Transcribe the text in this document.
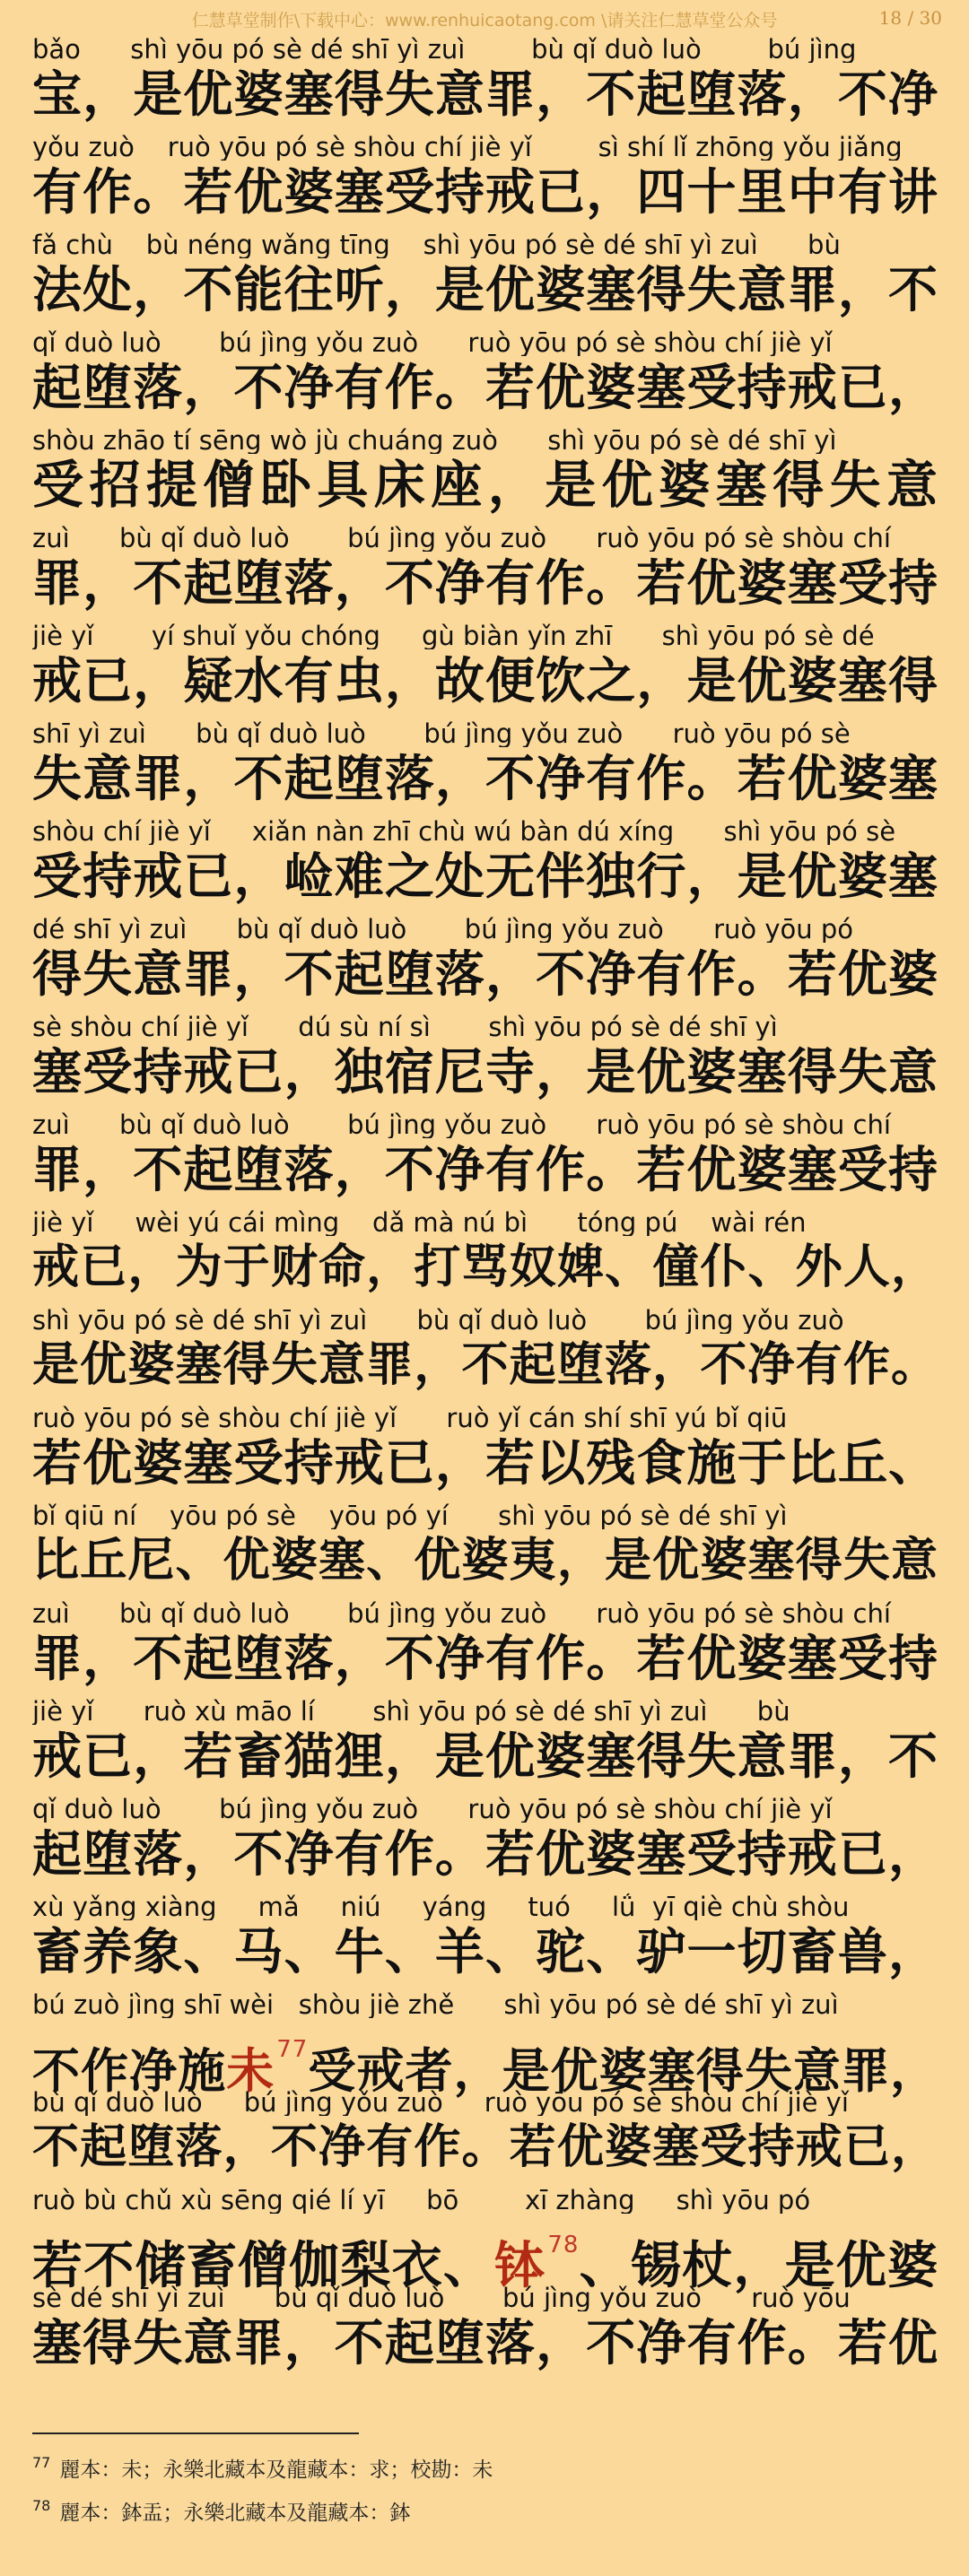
仁慧草堂制作\下载中心：www.renhuicaotang.com \请关注仁慧草堂公众号	18 / 30
bǎo      shì yōu pó sè dé shī yì zuì        bù qǐ duò luò        bú jìng
宝，是优婆塞得失意罪，不起堕落，不净
yǒu zuò    ruò yōu pó sè shòu chí jiè yǐ        sì shí lǐ zhōng yǒu jiǎng
有作。若优婆塞受持戒已，四十里中有讲
fǎ chù    bù néng wǎng tīng    shì yōu pó sè dé shī yì zuì      bù
法处，不能往听，是优婆塞得失意罪，不
qǐ duò luò       bú jìng yǒu zuò      ruò yōu pó sè shòu chí jiè yǐ
起堕落，不净有作。若优婆塞受持戒已，
shòu zhāo tí sēng wò jù chuáng zuò      shì yōu pó sè dé shī yì
受招提僧卧具床座，是优婆塞得失意
zuì      bù qǐ duò luò       bú jìng yǒu zuò      ruò yōu pó sè shòu chí
罪，不起堕落，不净有作。若优婆塞受持
jiè yǐ       yí shuǐ yǒu chóng     gù biàn yǐn zhī      shì yōu pó sè dé
戒已，疑水有虫，故便饮之，是优婆塞得
shī yì zuì      bù qǐ duò luò       bú jìng yǒu zuò      ruò yōu pó sè
失意罪，不起堕落，不净有作。若优婆塞
shòu chí jiè yǐ     xiǎn nàn zhī chù wú bàn dú xíng      shì yōu pó sè
受持戒已，崄难之处无伴独行，是优婆塞
dé shī yì zuì      bù qǐ duò luò       bú jìng yǒu zuò      ruò yōu pó
得失意罪，不起堕落，不净有作。若优婆
sè shòu chí jiè yǐ      dú sù ní sì       shì yōu pó sè dé shī yì
塞受持戒已，独宿尼寺，是优婆塞得失意
zuì      bù qǐ duò luò       bú jìng yǒu zuò      ruò yōu pó sè shòu chí
罪，不起堕落，不净有作。若优婆塞受持
jiè yǐ     wèi yú cái mìng    dǎ mà nú bì      tóng pú    wài rén
戒已，为于财命，打骂奴婢、僮仆、外人，
shì yōu pó sè dé shī yì zuì      bù qǐ duò luò       bú jìng yǒu zuò
是优婆塞得失意罪，不起堕落，不净有作。
ruò yōu pó sè shòu chí jiè yǐ      ruò yǐ cán shí shī yú bǐ qiū
若优婆塞受持戒已，若以残食施于比丘、
bǐ qiū ní    yōu pó sè    yōu pó yí      shì yōu pó sè dé shī yì
比丘尼、优婆塞、优婆夷，是优婆塞得失意
zuì      bù qǐ duò luò       bú jìng yǒu zuò      ruò yōu pó sè shòu chí
罪，不起堕落，不净有作。若优婆塞受持
jiè yǐ      ruò xù māo lí       shì yōu pó sè dé shī yì zuì      bù
戒已，若畜猫狸，是优婆塞得失意罪，不
qǐ duò luò       bú jìng yǒu zuò      ruò yōu pó sè shòu chí jiè yǐ
起堕落，不净有作。若优婆塞受持戒已，
xù yǎng xiàng     mǎ     niú     yáng     tuó     lǘ  yī qiè chù shòu
畜养象、马、牛、羊、驼、驴一切畜兽，
bú zuò jìng shī wèi   shòu jiè zhě      shì yōu pó sè dé shī yì zuì
不作净施未$^{77}$受戒者，是优婆塞得失意罪，
bù qǐ duò luò     bú jìng yǒu zuò     ruò yōu pó sè shòu chí jiè yǐ
不起堕落，不净有作。若优婆塞受持戒已，
ruò bù chǔ xù sēng qié lí yī     bō        xī zhàng     shì yōu pó
若不储畜僧伽梨衣、钵$^{78}$、锡杖，是优婆
sè dé shī yì zuì      bù qǐ duò luò       bú jìng yǒu zuò      ruò yōu
塞得失意罪，不起堕落，不净有作。若优
$^{77}$ 麗本：未；永樂北藏本及龍藏本：求；校勘：未
$^{78}$ 麗本：鉢盂；永樂北藏本及龍藏本：鉢
